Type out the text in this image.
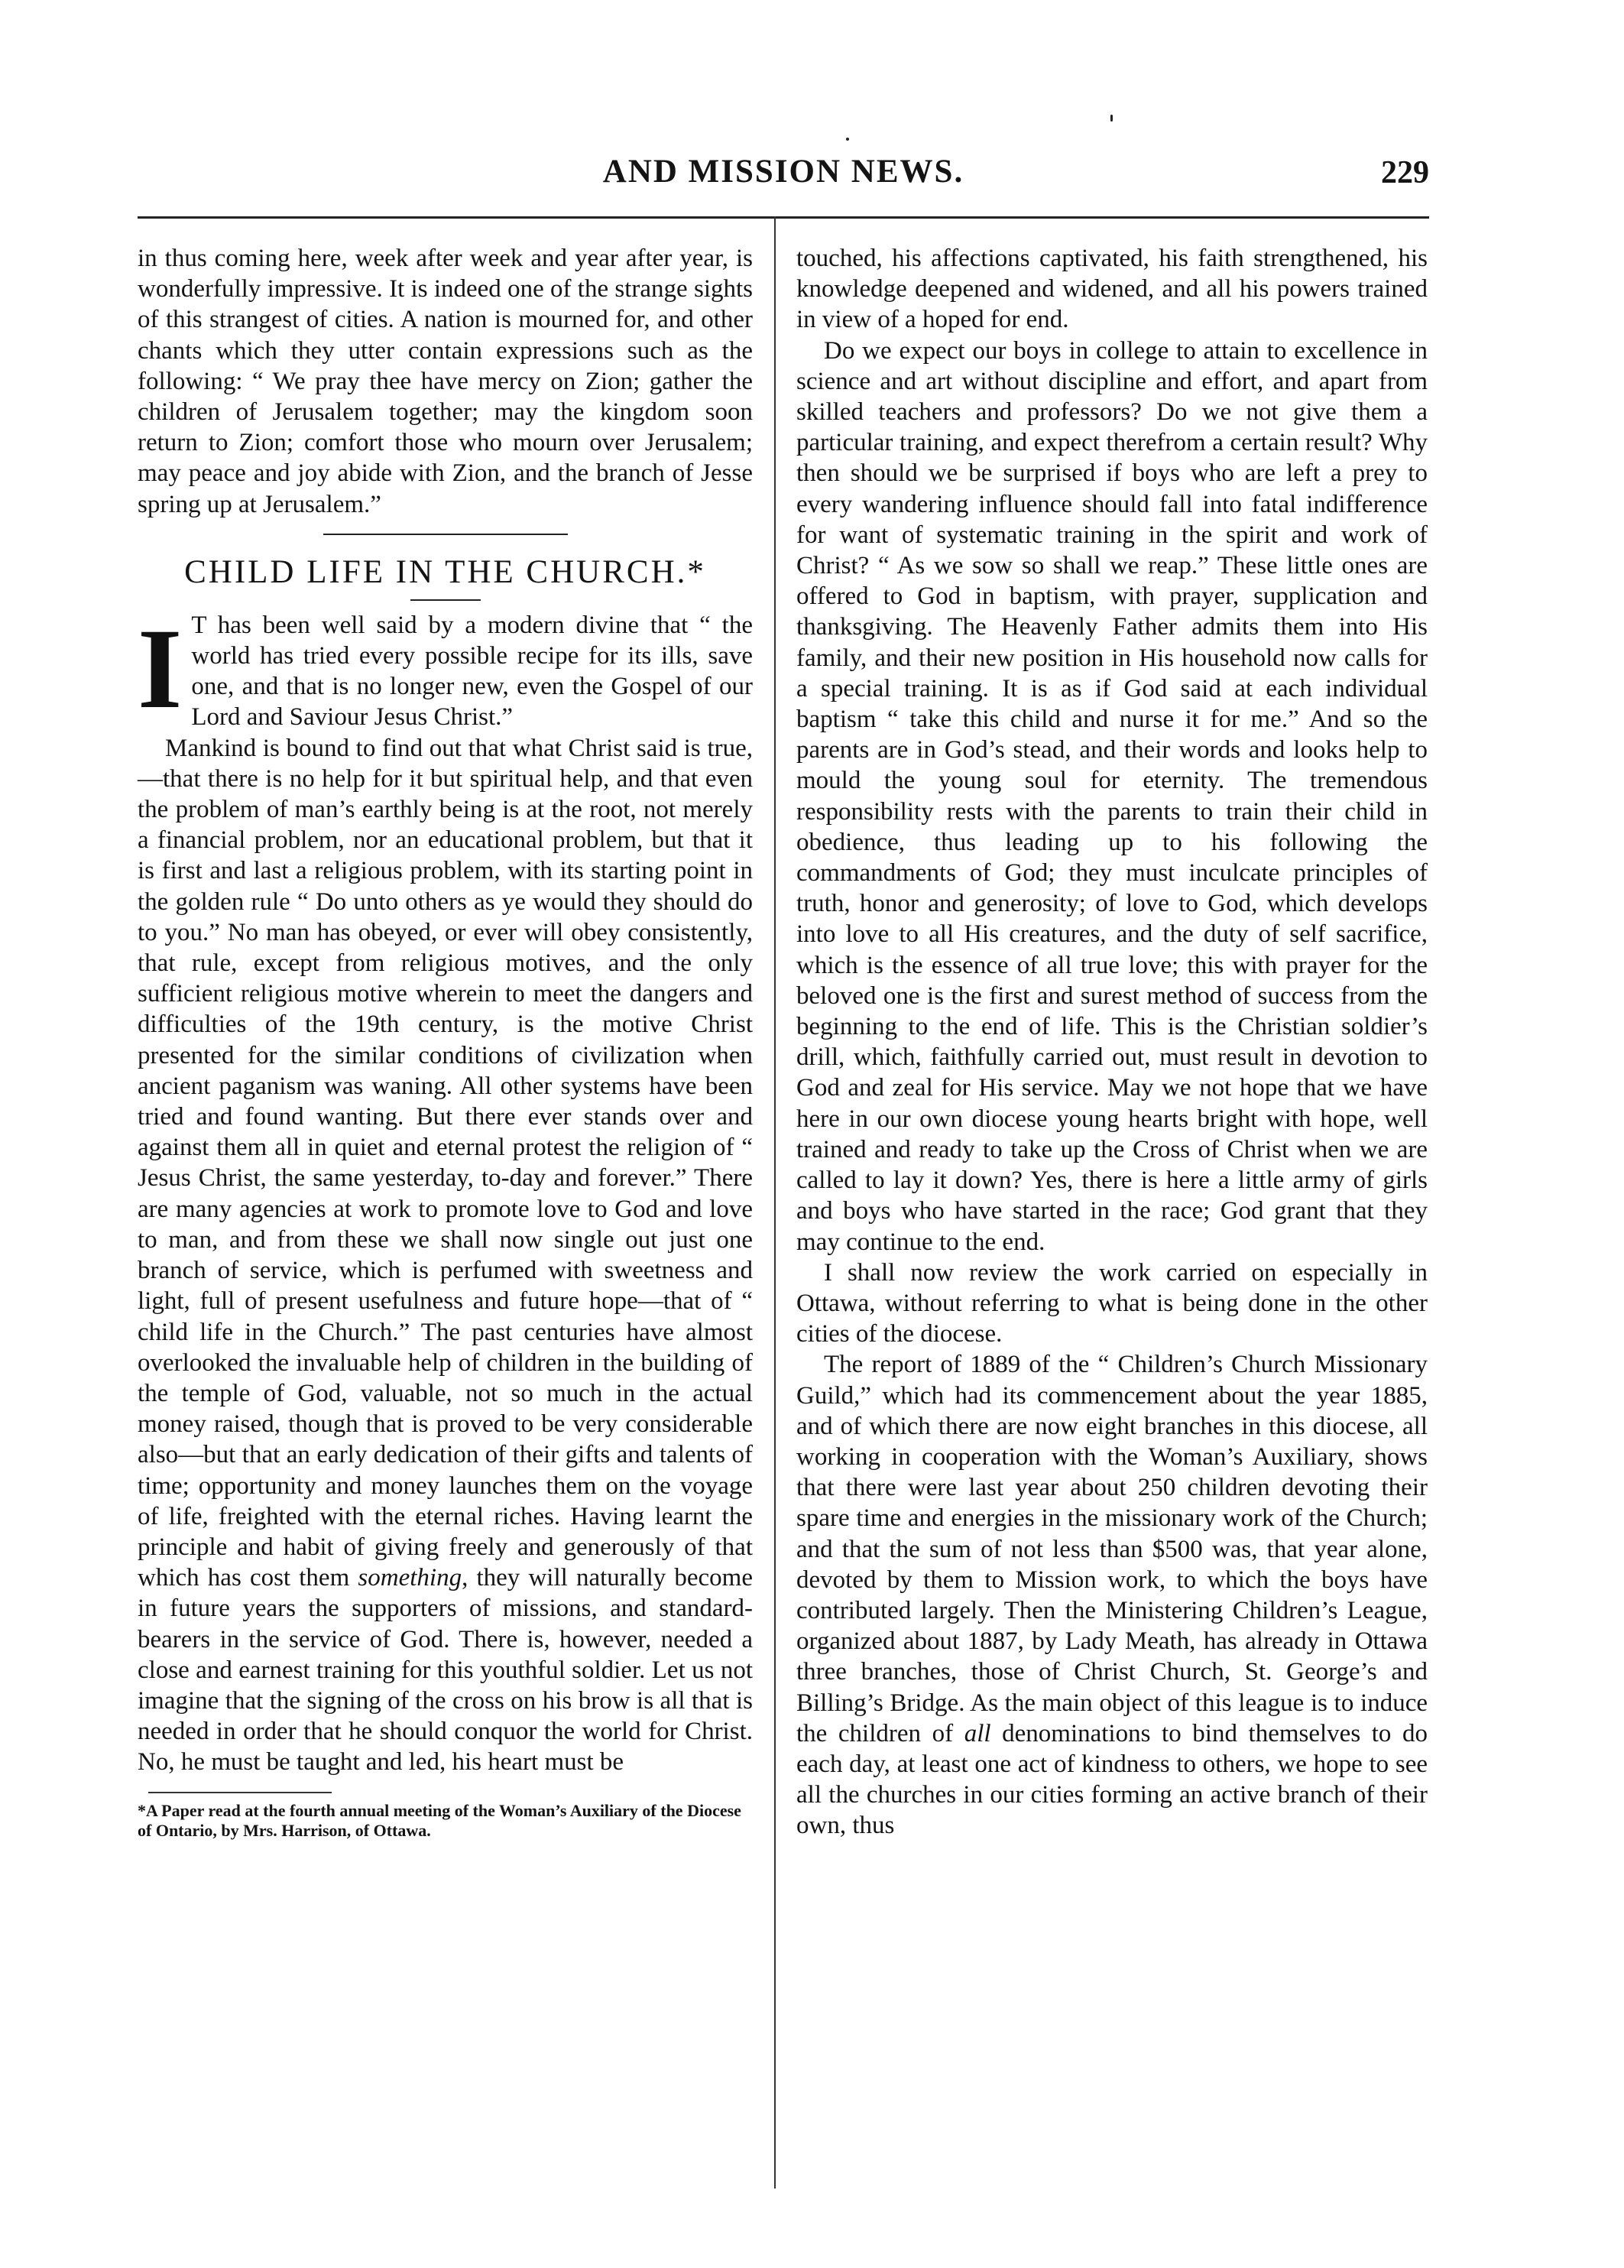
AND MISSION NEWS.	229

in thus coming here, week after week and year after year, is wonderfully impressive. It is indeed one of the strange sights of this strangest of cities. A nation is mourned for, and other chants which they utter contain expressions such as the following: “ We pray thee have mercy on Zion; gather the children of Jerusalem together; may the kingdom soon return to Zion; comfort those who mourn over Jerusalem; may peace and joy abide with Zion, and the branch of Jesse spring up at Jerusalem.”

CHILD LIFE IN THE CHURCH.*

I T has been well said by a modern divine that “ the world has tried every possible recipe for its ills, save one, and that is no longer new, even the Gospel of our Lord and Saviour Jesus Christ.”

Mankind is bound to find out that what Christ said is true,—that there is no help for it but spiritual help, and that even the problem of man’s earthly being is at the root, not merely a financial problem, nor an educational problem, but that it is first and last a religious problem, with its starting point in the golden rule “ Do unto others as ye would they should do to you.” No man has obeyed, or ever will obey consistently, that rule, except from religious motives, and the only sufficient religious motive wherein to meet the dangers and difficulties of the 19th century, is the motive Christ presented for the similar conditions of civilization when ancient paganism was waning. All other systems have been tried and found wanting. But there ever stands over and against them all in quiet and eternal protest the religion of “ Jesus Christ, the same yesterday, to-day and forever.” There are many agencies at work to promote love to God and love to man, and from these we shall now single out just one branch of service, which is perfumed with sweetness and light, full of present usefulness and future hope—that of “ child life in the Church.” The past centuries have almost overlooked the invaluable help of children in the building of the temple of God, valuable, not so much in the actual money raised, though that is proved to be very considerable also—but that an early dedication of their gifts and talents of time; opportunity and money launches them on the voyage of life, freighted with the eternal riches. Having learnt the principle and habit of giving freely and generously of that which has cost them something, they will naturally become in future years the supporters of missions, and standard-bearers in the service of God. There is, however, needed a close and earnest training for this youthful soldier. Let us not imagine that the signing of the cross on his brow is all that is needed in order that he should conquor the world for Christ. No, he must be taught and led, his heart must be

*A Paper read at the fourth annual meeting of the Woman’s Auxiliary of the Diocese of Ontario, by Mrs. Harrison, of Ottawa.

touched, his affections captivated, his faith strengthened, his knowledge deepened and widened, and all his powers trained in view of a hoped for end.

Do we expect our boys in college to attain to excellence in science and art without discipline and effort, and apart from skilled teachers and professors? Do we not give them a particular training, and expect therefrom a certain result? Why then should we be surprised if boys who are left a prey to every wandering influence should fall into fatal indifference for want of systematic training in the spirit and work of Christ? “ As we sow so shall we reap.” These little ones are offered to God in baptism, with prayer, supplication and thanksgiving. The Heavenly Father admits them into His family, and their new position in His household now calls for a special training. It is as if God said at each individual baptism “ take this child and nurse it for me.” And so the parents are in God’s stead, and their words and looks help to mould the young soul for eternity. The tremendous responsibility rests with the parents to train their child in obedience, thus leading up to his following the commandments of God; they must inculcate principles of truth, honor and generosity; of love to God, which develops into love to all His creatures, and the duty of self sacrifice, which is the essence of all true love; this with prayer for the beloved one is the first and surest method of success from the beginning to the end of life. This is the Christian soldier’s drill, which, faithfully carried out, must result in devotion to God and zeal for His service. May we not hope that we have here in our own diocese young hearts bright with hope, well trained and ready to take up the Cross of Christ when we are called to lay it down? Yes, there is here a little army of girls and boys who have started in the race; God grant that they may continue to the end.

I shall now review the work carried on especially in Ottawa, without referring to what is being done in the other cities of the diocese.

The report of 1889 of the “ Children’s Church Missionary Guild,” which had its commencement about the year 1885, and of which there are now eight branches in this diocese, all working in cooperation with the Woman’s Auxiliary, shows that there were last year about 250 children devoting their spare time and energies in the missionary work of the Church; and that the sum of not less than $500 was, that year alone, devoted by them to Mission work, to which the boys have contributed largely. Then the Ministering Children’s League, organized about 1887, by Lady Meath, has already in Ottawa three branches, those of Christ Church, St. George’s and Billing’s Bridge. As the main object of this league is to induce the children of all denominations to bind themselves to do each day, at least one act of kindness to others, we hope to see all the churches in our cities forming an active branch of their own, thus
